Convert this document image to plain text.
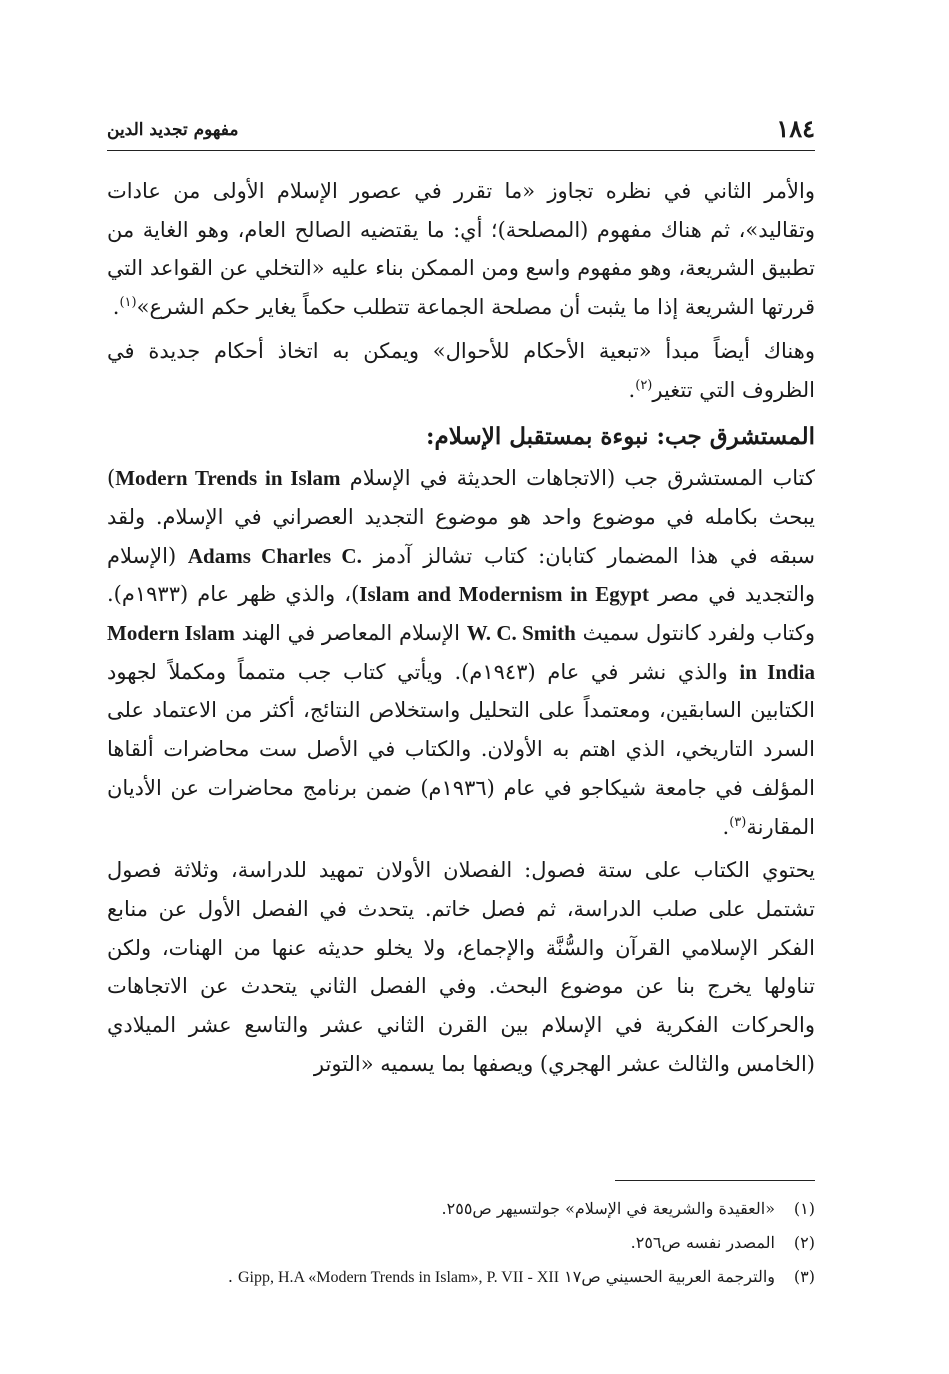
١٨٤
مفهوم تجديد الدين

والأمر الثاني في نظره تجاوز «ما تقرر في عصور الإسلام الأولى من عادات وتقاليد»، ثم هناك مفهوم (المصلحة)؛ أي: ما يقتضيه الصالح العام، وهو الغاية من تطبيق الشريعة، وهو مفهوم واسع ومن الممكن بناء عليه «التخلي عن القواعد التي قررتها الشريعة إذا ما يثبت أن مصلحة الجماعة تتطلب حكماً يغاير حكم الشرع»$^{(١)}$.

وهناك أيضاً مبدأ «تبعية الأحكام للأحوال» ويمكن به اتخاذ أحكام جديدة في الظروف التي تتغير$^{(٢)}$.

المستشرق جب: نبوءة بمستقبل الإسلام:

كتاب المستشرق جب (الاتجاهات الحديثة في الإسلام Modern Trends in Islam) يبحث بكامله في موضوع واحد هو موضوع التجديد العصراني في الإسلام. ولقد سبقه في هذا المضمار كتابان: كتاب تشالز آدمز Adams Charles C. (الإسلام والتجديد في مصر Islam and Modernism in Egypt)، والذي ظهر عام (١٩٣٣م). وكتاب ولفرد كانتول سميث W. C. Smith الإسلام المعاصر في الهند Modern Islam in India والذي نشر في عام (١٩٤٣م). ويأتي كتاب جب متمماً ومكملاً لجهود الكتابين السابقين، ومعتمداً على التحليل واستخلاص النتائج، أكثر من الاعتماد على السرد التاريخي، الذي اهتم به الأولان. والكتاب في الأصل ست محاضرات ألقاها المؤلف في جامعة شيكاجو في عام (١٩٣٦م) ضمن برنامج محاضرات عن الأديان المقارنة$^{(٣)}$.

يحتوي الكتاب على ستة فصول: الفصلان الأولان تمهيد للدراسة، وثلاثة فصول تشتمل على صلب الدراسة، ثم فصل خاتم. يتحدث في الفصل الأول عن منابع الفكر الإسلامي القرآن والسُّنَّة والإجماع، ولا يخلو حديثه عنها من الهنات، ولكن تناولها يخرج بنا عن موضوع البحث. وفي الفصل الثاني يتحدث عن الاتجاهات والحركات الفكرية في الإسلام بين القرن الثاني عشر والتاسع عشر الميلادي (الخامس والثالث عشر الهجري) ويصفها بما يسميه «التوتر

(١)«العقيدة والشريعة في الإسلام» جولتسيهر ص٢٥٥.
(٢)المصدر نفسه ص٢٥٦.
(٣)والترجمة العربية الحسيني ص١٧ Gipp, H.A «Modern Trends in Islam», P. VII - XII .
